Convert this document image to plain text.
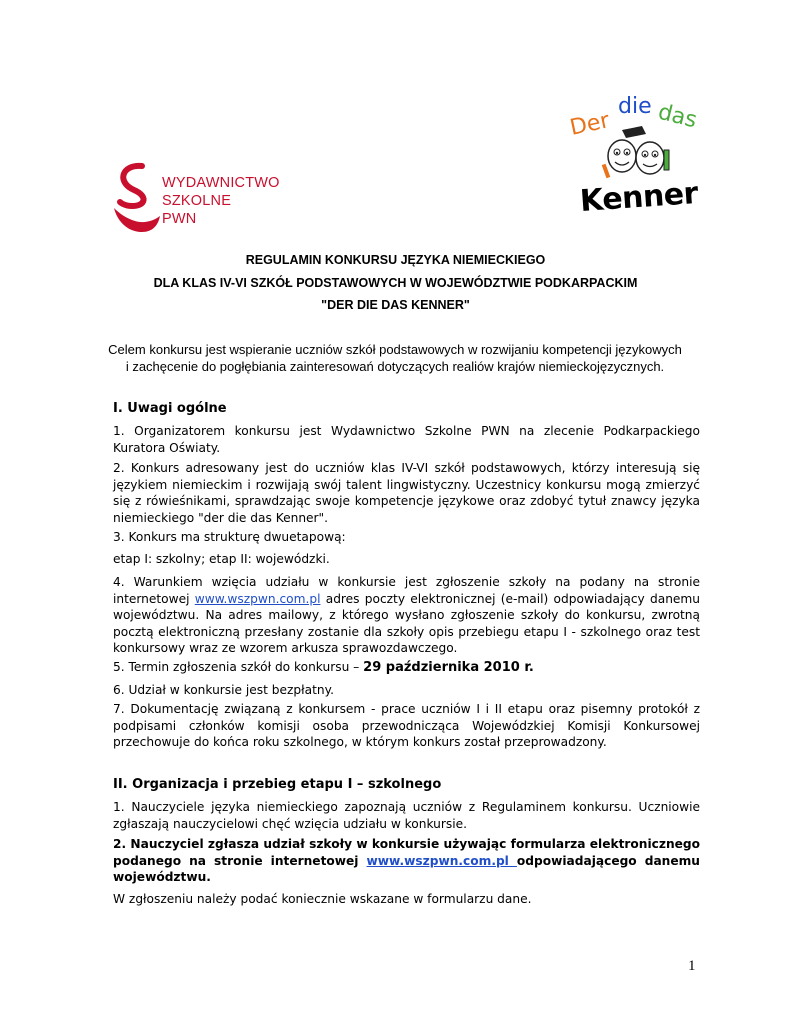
WYDAWNICTWO
SZKOLNE
PWN
Der
die das
Kenner
REGULAMIN KONKURSU JĘZYKA NIEMIECKIEGO
DLA KLAS IV-VI SZKÓŁ PODSTAWOWYCH W WOJEWÓDZTWIE PODKARPACKIM
"DER DIE DAS KENNER"
Celem konkursu jest wspieranie uczniów szkół podstawowych w rozwijaniu kompetencji językowych
i zachęcenie do pogłębiania zainteresowań dotyczących realiów krajów niemieckojęzycznych.
I. Uwagi ogólne
1. Organizatorem konkursu jest Wydawnictwo Szkolne PWN na zlecenie Podkarpackiego Kuratora Oświaty.
2. Konkurs adresowany jest do uczniów klas IV-VI szkół podstawowych, którzy interesują się językiem niemieckim i rozwijają swój talent lingwistyczny. Uczestnicy konkursu mogą zmierzyć się z rówieśnikami, sprawdzając swoje kompetencje językowe oraz zdobyć tytuł znawcy języka niemieckiego "der die das Kenner".
3. Konkurs ma strukturę dwuetapową:
etap I: szkolny; etap II: wojewódzki.
4. Warunkiem wzięcia udziału w konkursie jest zgłoszenie szkoły na podany na stronie internetowej www.wszpwn.com.pl adres poczty elektronicznej (e-mail) odpowiadający danemu województwu. Na adres mailowy, z którego wysłano zgłoszenie szkoły do konkursu, zwrotną pocztą elektroniczną przesłany zostanie dla szkoły opis przebiegu etapu I - szkolnego oraz test konkursowy wraz ze wzorem arkusza sprawozdawczego.
5. Termin zgłoszenia szkół do konkursu – 29 października 2010 r.
6. Udział w konkursie jest bezpłatny.
7. Dokumentację związaną z konkursem - prace uczniów I i II etapu oraz pisemny protokół z podpisami członków komisji osoba przewodnicząca Wojewódzkiej Komisji Konkursowej przechowuje do końca roku szkolnego, w którym konkurs został przeprowadzony.
II. Organizacja i przebieg etapu I – szkolnego
1. Nauczyciele języka niemieckiego zapoznają uczniów z Regulaminem konkursu. Uczniowie zgłaszają nauczycielowi chęć wzięcia udziału w konkursie.
2. Nauczyciel zgłasza udział szkoły w konkursie używając formularza elektronicznego podanego na stronie internetowej www.wszpwn.com.pl odpowiadającego danemu województwu.
W zgłoszeniu należy podać koniecznie wskazane w formularzu dane.
1
